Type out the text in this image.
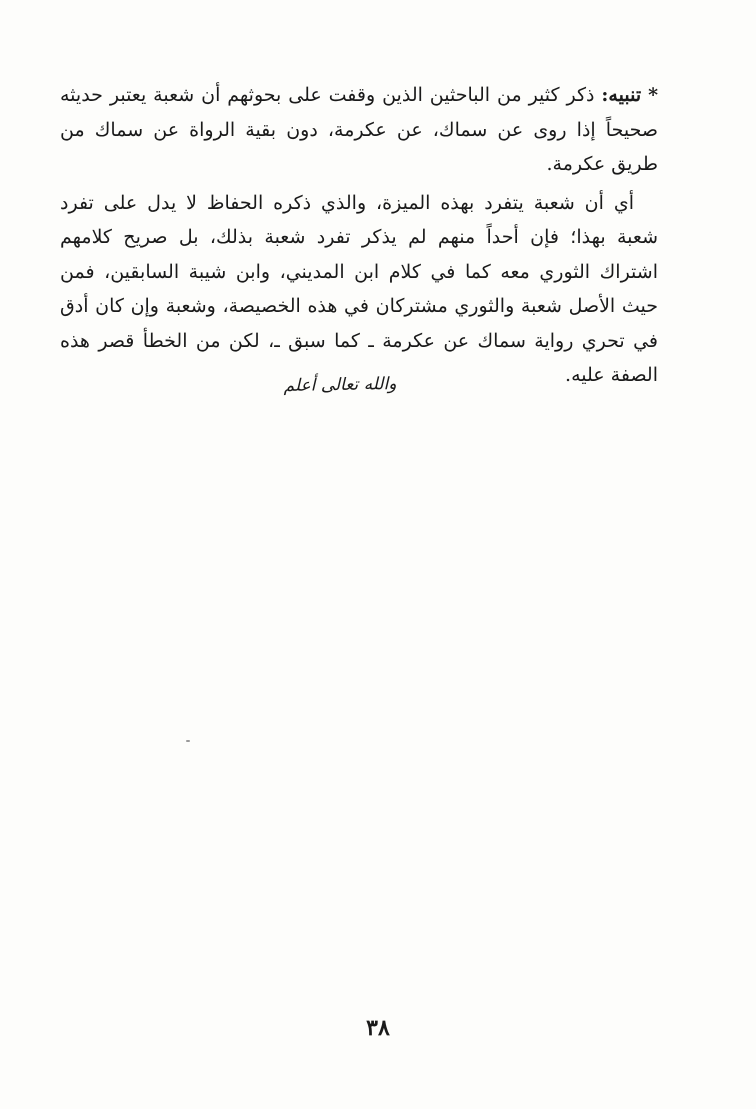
* تنبيه: ذكر كثير من الباحثين الذين وقفت على بحوثهم أن شعبة يعتبر حديثه صحيحاً إذا روى عن سماك، عن عكرمة، دون بقية الرواة عن سماك من طريق عكرمة.

أي أن شعبة يتفرد بهذه الميزة، والذي ذكره الحفاظ لا يدل على تفرد شعبة بهذا؛ فإن أحداً منهم لم يذكر تفرد شعبة بذلك، بل صريح كلامهم اشتراك الثوري معه كما في كلام ابن المديني، وابن شيبة السابقين، فمن حيث الأصل شعبة والثوري مشتركان في هذه الخصيصة، وشعبة وإن كان أدق في تحري رواية سماك عن عكرمة ـ كما سبق ـ، لكن من الخطأ قصر هذه الصفة عليه.

والله تعالى أعلم
٣٨
